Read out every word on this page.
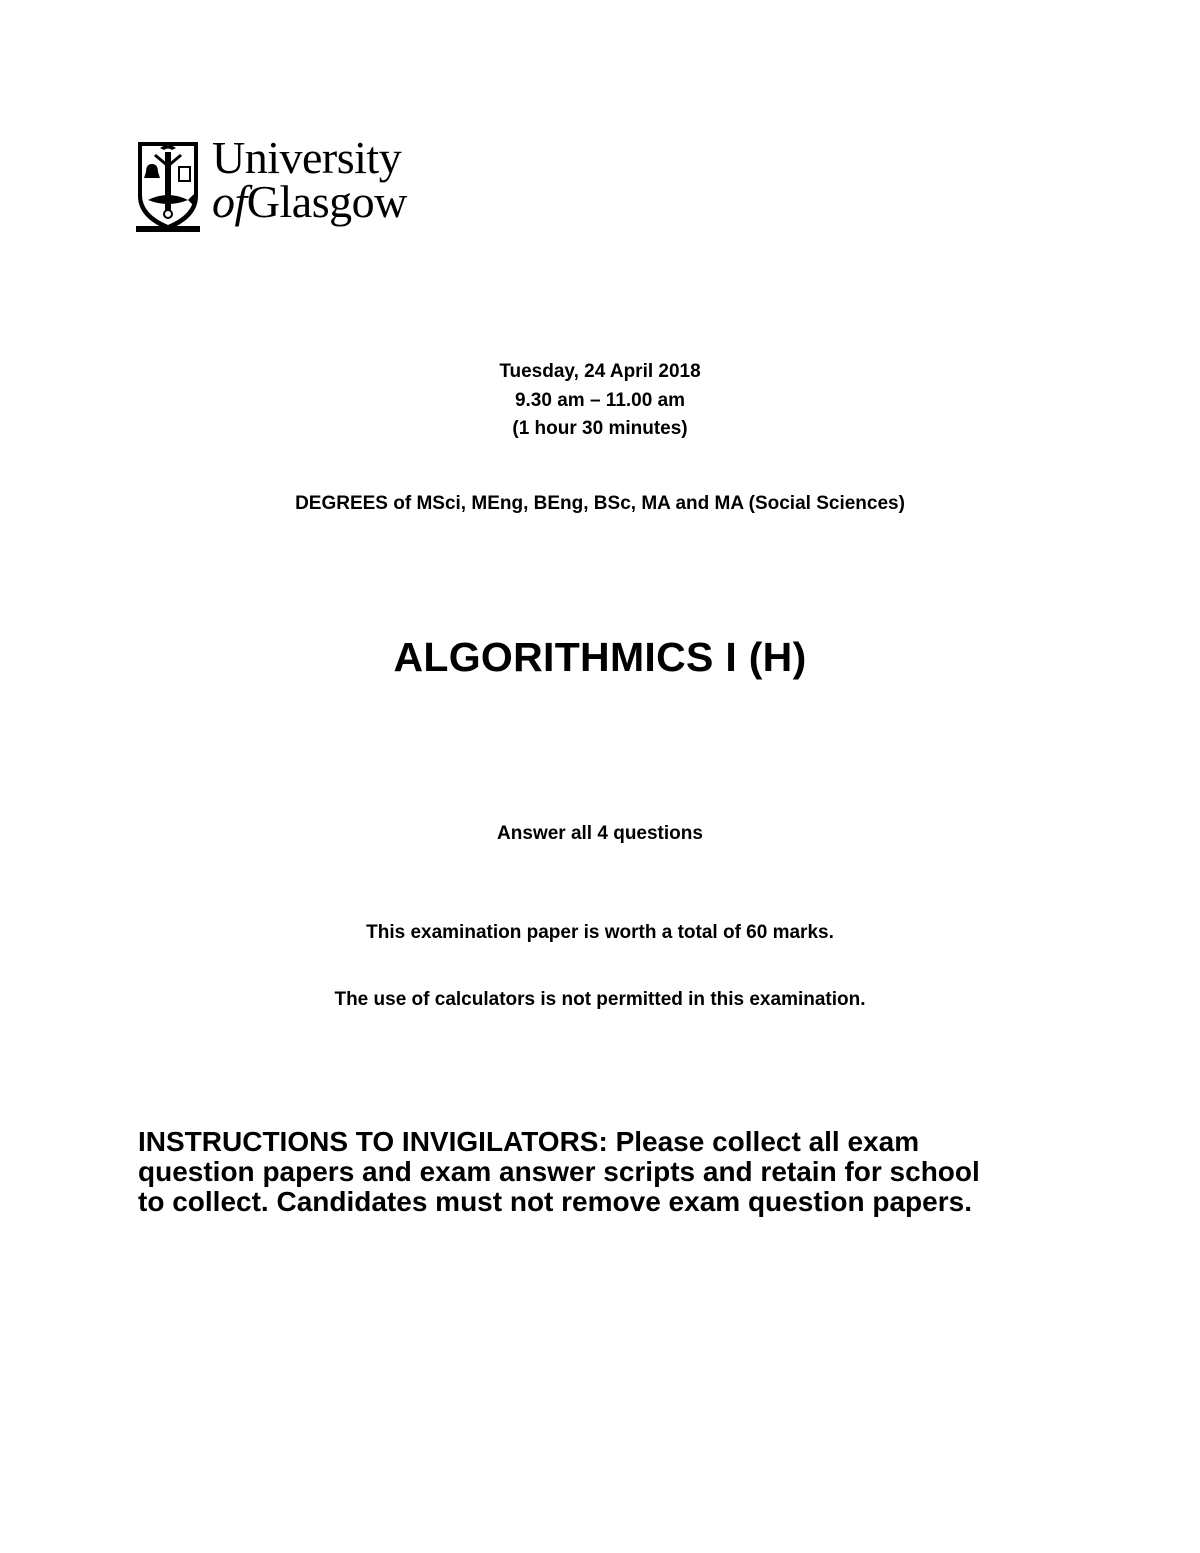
University
ofGlasgow
Tuesday, 24 April 2018
9.30 am – 11.00 am
(1 hour 30 minutes)
DEGREES of MSci, MEng, BEng, BSc, MA and MA (Social Sciences)
ALGORITHMICS I (H)
Answer all 4 questions
This examination paper is worth a total of 60 marks.
The use of calculators is not permitted in this examination.
INSTRUCTIONS TO INVIGILATORS: Please collect all exam
question papers and exam answer scripts and retain for school
to collect. Candidates must not remove exam question papers.
